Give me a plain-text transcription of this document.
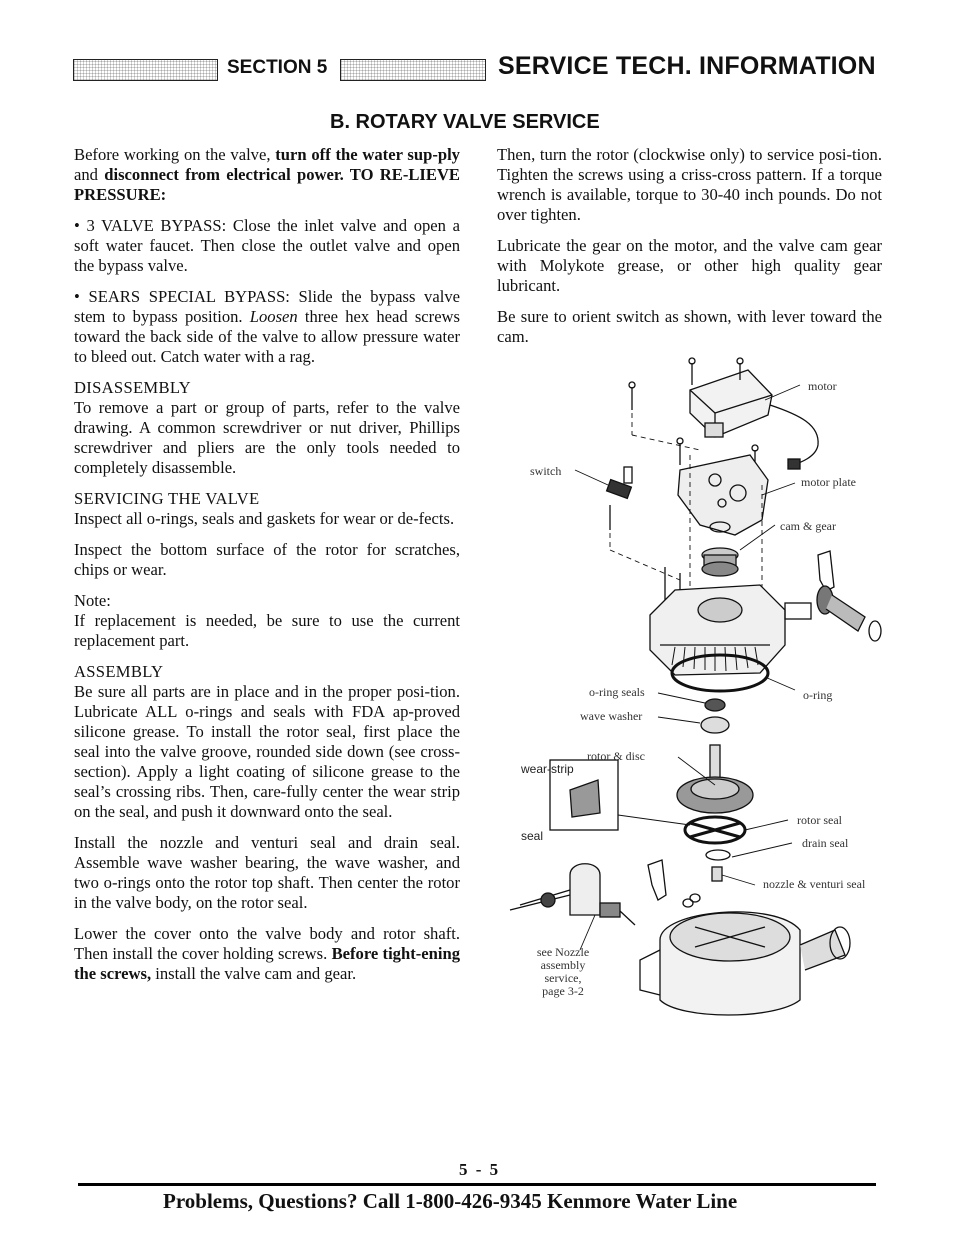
SECTION 5	SERVICE TECH. INFORMATION
B. ROTARY VALVE SERVICE

Before working on the valve, turn off the water sup-ply and disconnect from electrical power. TO RE-LIEVE PRESSURE:

• 3 VALVE BYPASS: Close the inlet valve and open a soft water faucet. Then close the outlet valve and open the bypass valve.

• SEARS SPECIAL BYPASS: Slide the bypass valve stem to bypass position. Loosen three hex head screws toward the back side of the valve to allow pressure water to bleed out. Catch water with a rag.

DISASSEMBLY

To remove a part or group of parts, refer to the valve drawing. A common screwdriver or nut driver, Phillips screwdriver and pliers are the only tools needed to completely disassemble.

SERVICING THE VALVE

Inspect all o-rings, seals and gaskets for wear or de-fects.

Inspect the bottom surface of the rotor for scratches, chips or wear.

Note:

If replacement is needed, be sure to use the current replacement part.

ASSEMBLY

Be sure all parts are in place and in the proper posi-tion. Lubricate ALL o-rings and seals with FDA ap-proved silicone grease. To install the rotor seal, first place the seal into the valve groove, rounded side down (see cross-section). Apply a light coating of silicone grease to the seal’s crossing ribs. Then, care-fully center the wear strip on the seal, and push it downward onto the seal.

Install the nozzle and venturi seal and drain seal. Assemble wave washer bearing, the wave washer, and two o-rings onto the rotor top shaft. Then center the rotor in the valve body, on the rotor seal.

Lower the cover onto the valve body and rotor shaft. Then install the cover holding screws. Before tight-ening the screws, install the valve cam and gear.

Then, turn the rotor (clockwise only) to service posi-tion. Tighten the screws using a criss-cross pattern. If a torque wrench is available, torque to 30-40 inch pounds. Do not over tighten.

Lubricate the gear on the motor, and the valve cam gear with Molykote grease, or other high quality gear lubricant.

Be sure to orient switch as shown, with lever toward the cam.

motor
switch
motor plate
cam & gear
o-ring seals	o-ring
wave washer
rotor & disc
wear-strip
seal
rotor seal
drain seal
nozzle & venturi seal
see Nozzle
assembly
service,
page 3-2
5 - 5
Problems, Questions? Call 1-800-426-9345 Kenmore Water Line
